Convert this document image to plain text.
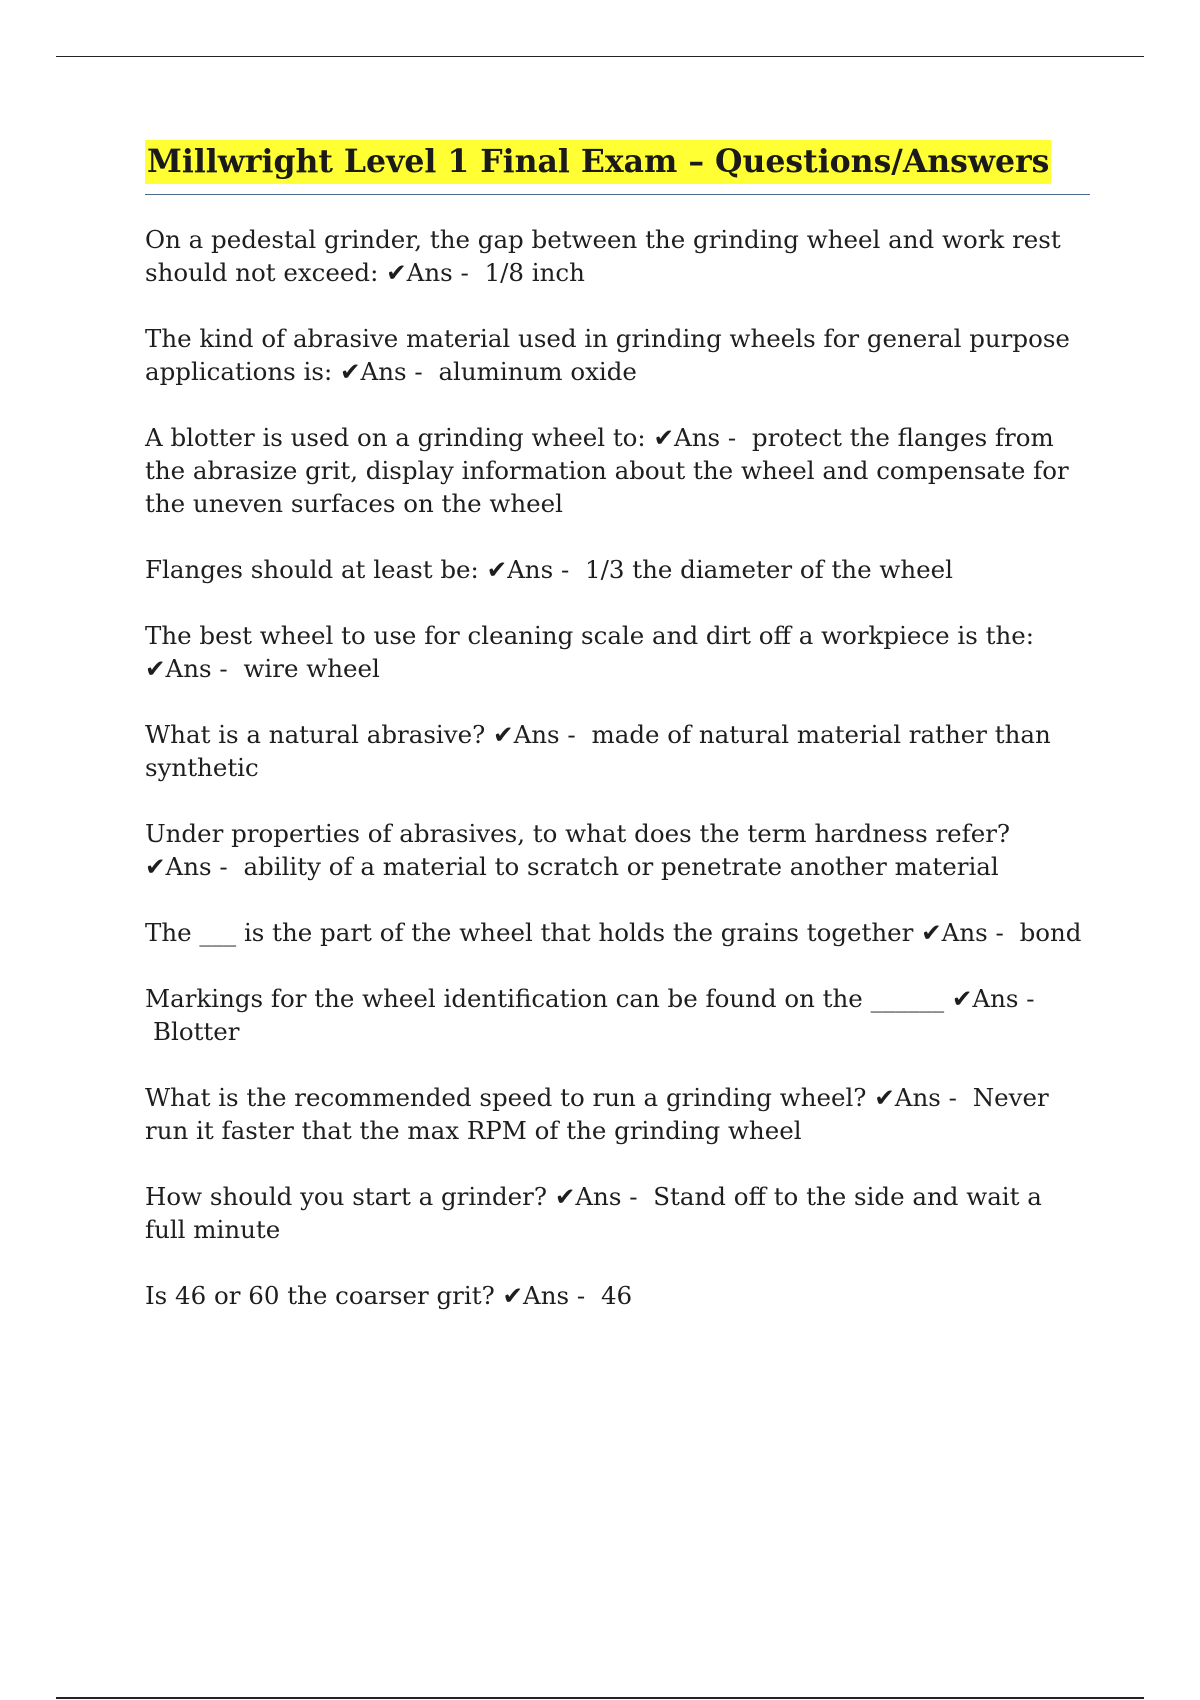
Millwright Level 1 Final Exam – Questions/Answers

On a pedestal grinder, the gap between the grinding wheel and work rest should not exceed: ✔Ans - 1/8 inch

The kind of abrasive material used in grinding wheels for general purpose applications is: ✔Ans - aluminum oxide

A blotter is used on a grinding wheel to: ✔Ans - protect the flanges from the abrasize grit, display information about the wheel and compensate for the uneven surfaces on the wheel

Flanges should at least be: ✔Ans - 1/3 the diameter of the wheel

The best wheel to use for cleaning scale and dirt off a workpiece is the: ✔Ans - wire wheel

What is a natural abrasive? ✔Ans - made of natural material rather than synthetic

Under properties of abrasives, to what does the term hardness refer? ✔Ans - ability of a material to scratch or penetrate another material

The ___ is the part of the wheel that holds the grains together ✔Ans - bond

Markings for the wheel identification can be found on the ______ ✔Ans - Blotter

What is the recommended speed to run a grinding wheel? ✔Ans - Never run it faster that the max RPM of the grinding wheel

How should you start a grinder? ✔Ans - Stand off to the side and wait a full minute

Is 46 or 60 the coarser grit? ✔Ans - 46
